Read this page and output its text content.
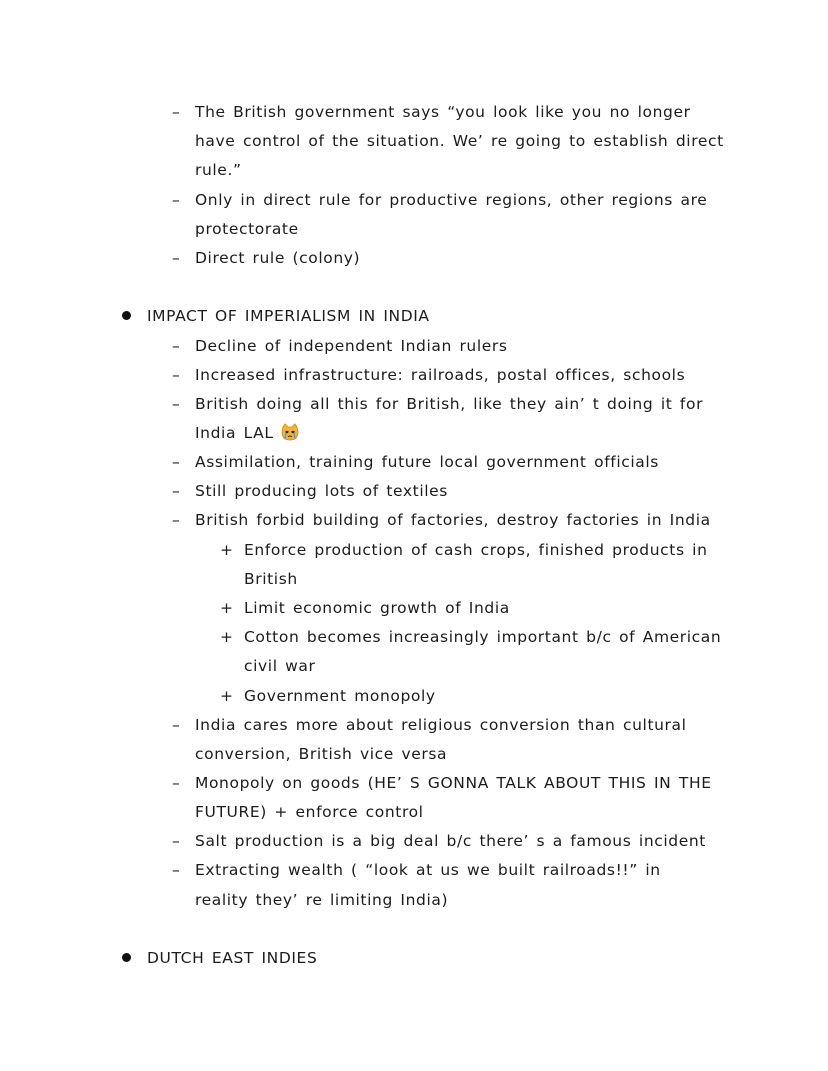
– The British government says “you look like you no longer
have control of the situation. We’ re going to establish direct
rule.”
– Only in direct rule for productive regions, other regions are
protectorate
– Direct rule (colony)
IMPACT OF IMPERIALISM IN INDIA
– Decline of independent Indian rulers
– Increased infrastructure: railroads, postal offices, schools
– British doing all this for British, like they ain’ t doing it for
India LAL
– Assimilation, training future local government officials
– Still producing lots of textiles
– British forbid building of factories, destroy factories in India
+ Enforce production of cash crops, finished products in
British
+ Limit economic growth of India
+ Cotton becomes increasingly important b/c of American
civil war
+ Government monopoly
– India cares more about religious conversion than cultural
conversion, British vice versa
– Monopoly on goods (HE’ S GONNA TALK ABOUT THIS IN THE
FUTURE) + enforce control
– Salt production is a big deal b/c there’ s a famous incident
– Extracting wealth ( “look at us we built railroads!!” in
reality they’ re limiting India)
DUTCH EAST INDIES
